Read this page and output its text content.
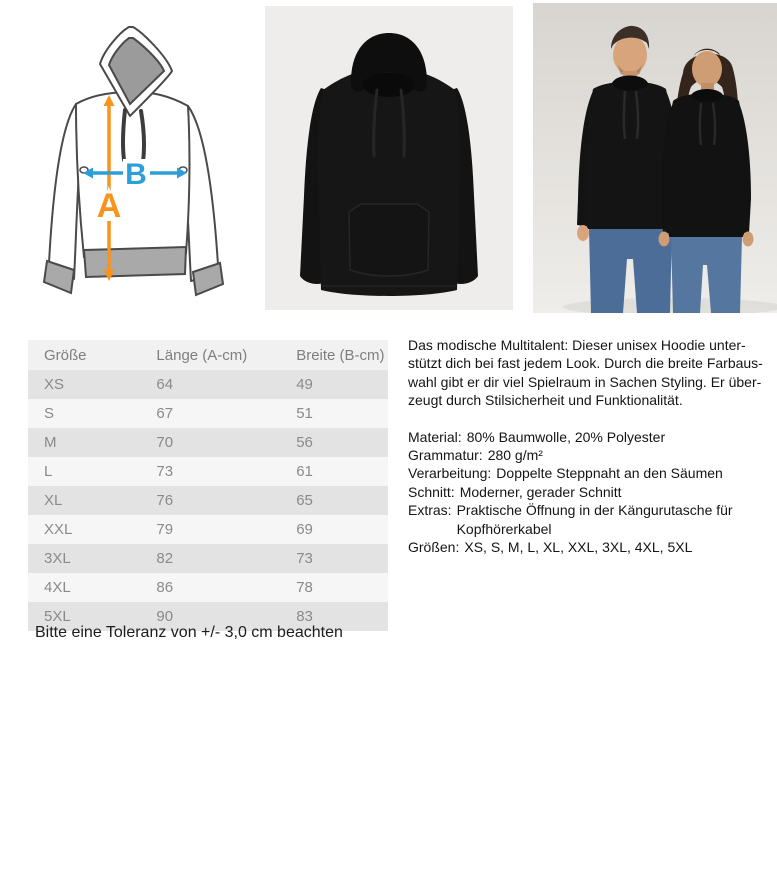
A
B
Größe	Länge (A-cm)	Breite (B-cm)
XS	64	49
S	67	51
M	70	56
L	73	61
XL	76	65
XXL	79	69
3XL	82	73
4XL	86	78
5XL	90	83
Das modische Multitalent: Dieser unisex Hoodie unter-
stützt dich bei fast jedem Look. Durch die breite Farbaus-
wahl gibt er dir viel Spielraum in Sachen Styling. Er über-
zeugt durch Stilsicherheit und Funktionalität.
Material: 80% Baumwolle, 20% Polyester
Grammatur: 280 g/m²
Verarbeitung: Doppelte Steppnaht an den Säumen
Schnitt: Moderner, gerader Schnitt
Extras: Praktische Öffnung in der Kängurutasche für Kopfhörerkabel
Größen: XS, S, M, L, XL, XXL, 3XL, 4XL, 5XL
Bitte eine Toleranz von +/- 3,0 cm beachten
